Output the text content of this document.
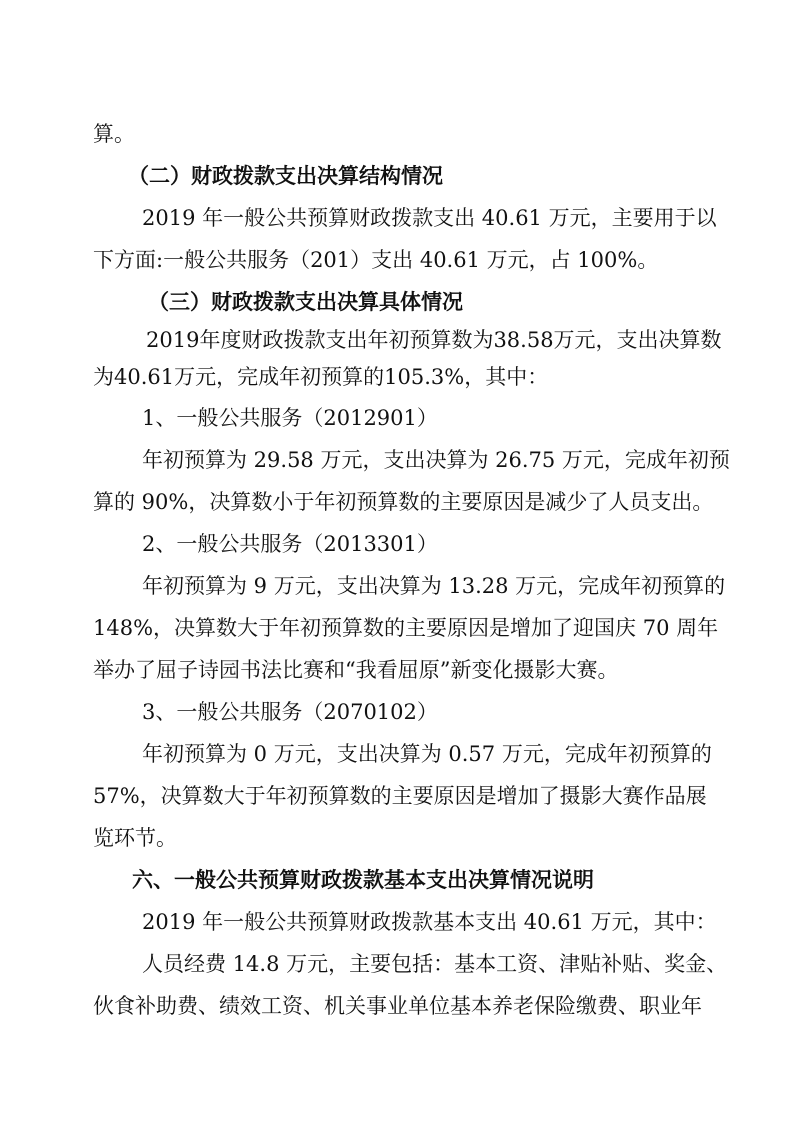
算。
（二）财政拨款支出决算结构情况
2019 年一般公共预算财政拨款支出 40.61 万元，主要用于以
下方面:一般公共服务（201）支出 40.61 万元，占 100%。
（三）财政拨款支出决算具体情况
2019年度财政拨款支出年初预算数为38.58万元，支出决算数
为40.61万元，完成年初预算的105.3%，其中：
1、一般公共服务（2012901）
年初预算为 29.58 万元，支出决算为 26.75 万元，完成年初预
算的 90%，决算数小于年初预算数的主要原因是减少了人员支出。
2、一般公共服务（2013301）
年初预算为 9 万元，支出决算为 13.28 万元，完成年初预算的
148%，决算数大于年初预算数的主要原因是增加了迎国庆 70 周年
举办了屈子诗园书法比赛和“我看屈原”新变化摄影大赛。
3、一般公共服务（2070102）
年初预算为 0 万元，支出决算为 0.57 万元，完成年初预算的
57%，决算数大于年初预算数的主要原因是增加了摄影大赛作品展
览环节。
六、一般公共预算财政拨款基本支出决算情况说明
2019 年一般公共预算财政拨款基本支出 40.61 万元，其中：
人员经费 14.8 万元，主要包括：基本工资、津贴补贴、奖金、
伙食补助费、绩效工资、机关事业单位基本养老保险缴费、职业年
